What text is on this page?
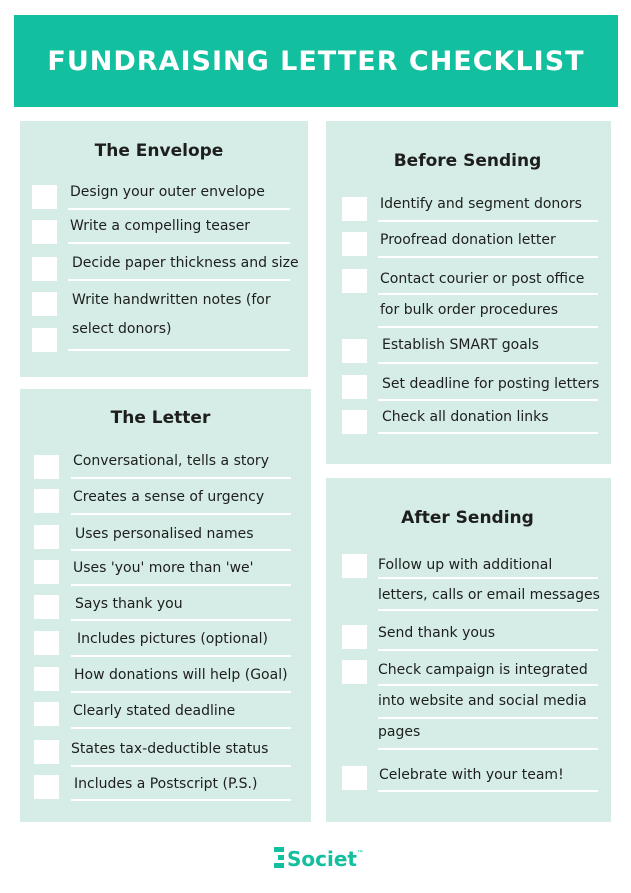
FUNDRAISING LETTER CHECKLIST
The Envelope
Design your outer envelope
Write a compelling teaser
Decide paper thickness and size
Write handwritten notes (for
select donors)
The Letter
Conversational, tells a story
Creates a sense of urgency
Uses personalised names
Uses 'you' more than 'we'
Says thank you
Includes pictures (optional)
How donations will help (Goal)
Clearly stated deadline
States tax-deductible status
Includes a Postscript (P.S.)
Before Sending
Identify and segment donors
Proofread donation letter
Contact courier or post office
for bulk order procedures
Establish SMART goals
Set deadline for posting letters
Check all donation links
After Sending
Follow up with additional
letters, calls or email messages
Send thank yous
Check campaign is integrated
into website and social media
pages
Celebrate with your team!
Societ ™
